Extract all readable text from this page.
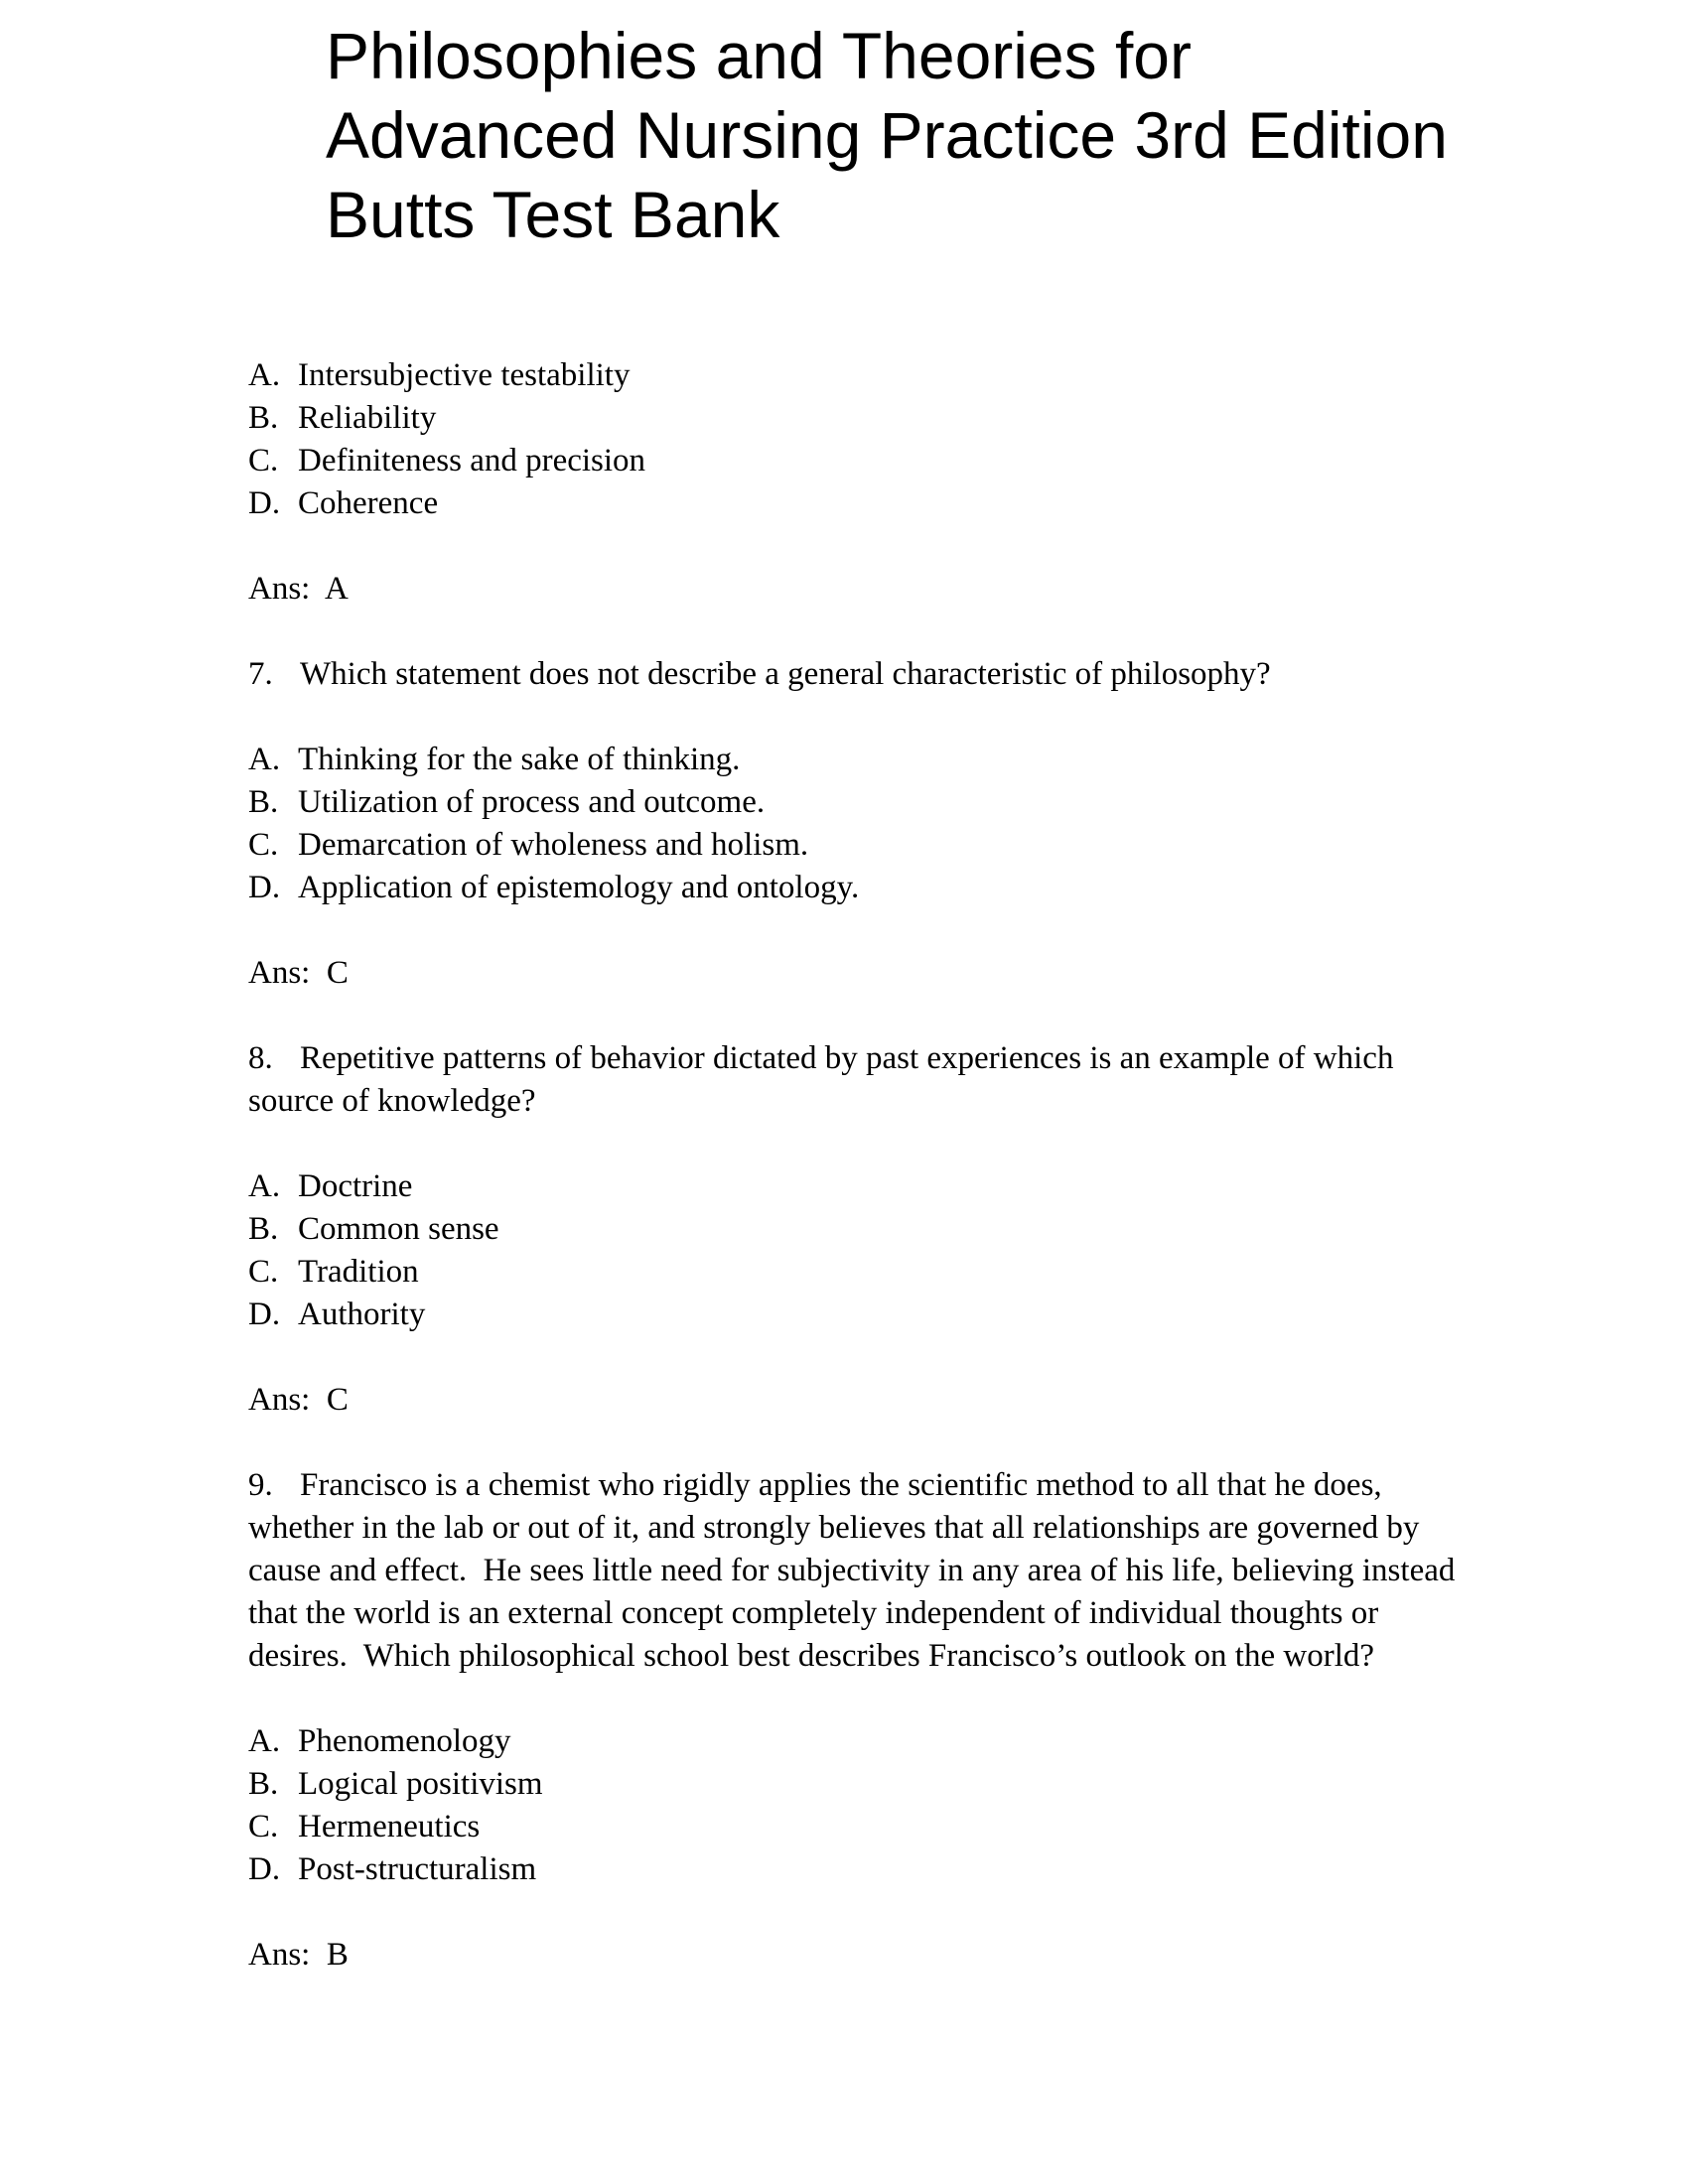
Philosophies and Theories for
Advanced Nursing Practice 3rd Edition
Butts Test Bank
A. Intersubjective testability
B. Reliability
C. Definiteness and precision
D. Coherence
Ans:  A
7. Which statement does not describe a general characteristic of philosophy?
A. Thinking for the sake of thinking.
B. Utilization of process and outcome.
C. Demarcation of wholeness and holism.
D. Application of epistemology and ontology.
Ans:  C
8. Repetitive patterns of behavior dictated by past experiences is an example of which source of knowledge?
A. Doctrine
B. Common sense
C. Tradition
D. Authority
Ans:  C
9. Francisco is a chemist who rigidly applies the scientific method to all that he does, whether in the lab or out of it, and strongly believes that all relationships are governed by cause and effect.  He sees little need for subjectivity in any area of his life, believing instead that the world is an external concept completely independent of individual thoughts or desires.  Which philosophical school best describes Francisco’s outlook on the world?
A. Phenomenology
B. Logical positivism
C. Hermeneutics
D. Post-structuralism
Ans:  B
